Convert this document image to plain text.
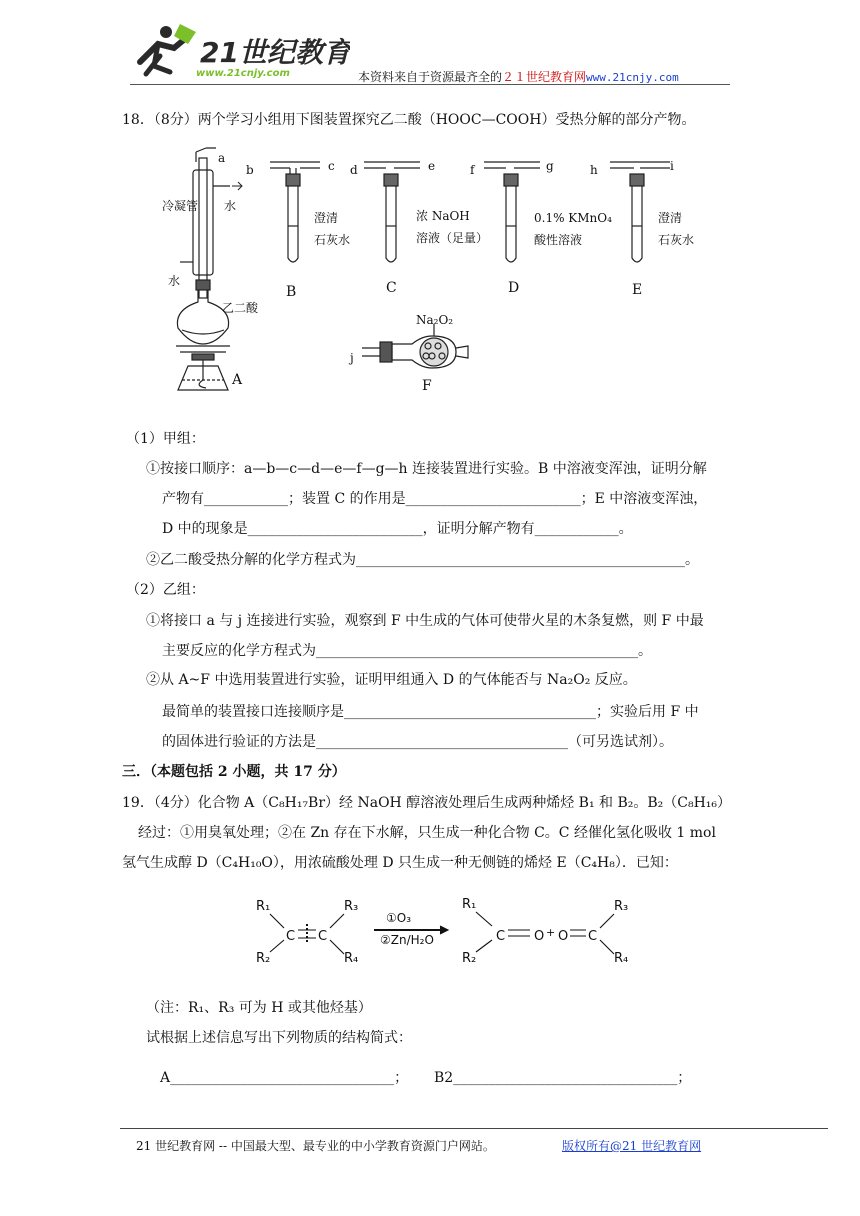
21世纪教育
www.21cnjy.com	本资料来自于资源最齐全的２１世纪教育网www.21cnjy.com
18．（8分）两个学习小组用下图装置探究乙二酸（HOOC—COOH）受热分解的部分产物。
a
冷凝管 水
水
乙二酸
A
b	c d	e	f	g	h	i
澄清
石灰水
B
浓 NaOH
溶液（足量）
C
0.1% KMnO₄
酸性溶液
D
澄清
石灰水
E
Na₂O₂
j
F
（1）甲组：
①按接口顺序：a—b—c—d—e—f—g—h 连接装置进行实验。B 中溶液变浑浊，证明分解
产物有____________；装置 C 的作用是_________________________；E 中溶液变浑浊，
D 中的现象是_________________________，证明分解产物有____________。
②乙二酸受热分解的化学方程式为_______________________________________________。
（2）乙组：
①将接口 a 与 j 连接进行实验，观察到 F 中生成的气体可使带火星的木条复燃，则 F 中最
主要反应的化学方程式为______________________________________________。
②从 A~F 中选用装置进行实验，证明甲组通入 D 的气体能否与 Na₂O₂ 反应。
最简单的装置接口连接顺序是____________________________________；实验后用 F 中
的固体进行验证的方法是____________________________________（可另选试剂）。
三．（本题包括 2 小题，共 17 分）
19．（4分）化合物 A（C₈H₁₇Br）经 NaOH 醇溶液处理后生成两种烯烃 B₁ 和 B₂。B₂（C₈H₁₆）
经过：①用臭氧处理；②在 Zn 存在下水解，只生成一种化合物 C。C 经催化氢化吸收 1 mol
氢气生成醇 D（C₄H₁₀O），用浓硫酸处理 D 只生成一种无侧链的烯烃 E（C₄H₈）．已知：
R₁
R₂
C C
R₃
R₄
①O₃
②Zn/H₂O
R₁
R₂
C O + O C
R₃
R₄
（注：R₁、R₃ 可为 H 或其他烃基）
试根据上述信息写出下列物质的结构简式：
A________________________________； B2________________________________；
21 世纪教育网 -- 中国最大型、最专业的中小学教育资源门户网站。	版权所有@21 世纪教育网
